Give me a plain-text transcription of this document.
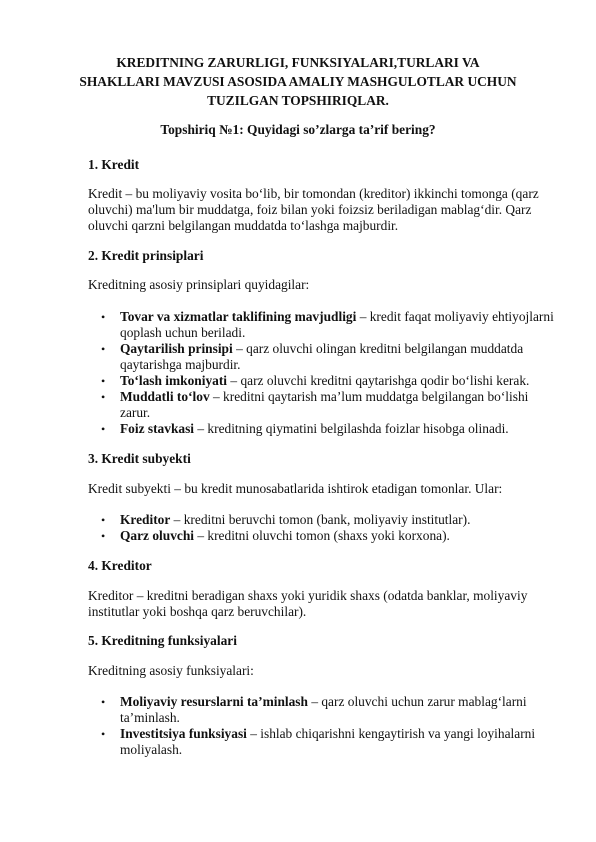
KREDITNING ZARURLIGI, FUNKSIYALARI,TURLARI VA
SHAKLLARI MAVZUSI ASOSIDA AMALIY MASHGULOTLAR UCHUN
TUZILGAN TOPSHIRIQLAR.

Topshiriq №1: Quyidagi so’zlarga ta’rif bering?

1. Kredit

Kredit – bu moliyaviy vosita bo‘lib, bir tomondan (kreditor) ikkinchi tomonga (qarz oluvchi) ma'lum bir muddatga, foiz bilan yoki foizsiz beriladigan mablag‘dir. Qarz oluvchi qarzni belgilangan muddatda to‘lashga majburdir.

2. Kredit prinsiplari

Kreditning asosiy prinsiplari quyidagilar:

• Tovar va xizmatlar taklifining mavjudligi – kredit faqat moliyaviy ehtiyojlarni qoplash uchun beriladi.
• Qaytarilish prinsipi – qarz oluvchi olingan kreditni belgilangan muddatda qaytarishga majburdir.
• To‘lash imkoniyati – qarz oluvchi kreditni qaytarishga qodir bo‘lishi kerak.
• Muddatli to‘lov – kreditni qaytarish ma’lum muddatga belgilangan bo‘lishi zarur.
• Foiz stavkasi – kreditning qiymatini belgilashda foizlar hisobga olinadi.

3. Kredit subyekti

Kredit subyekti – bu kredit munosabatlarida ishtirok etadigan tomonlar. Ular:

• Kreditor – kreditni beruvchi tomon (bank, moliyaviy institutlar).
• Qarz oluvchi – kreditni oluvchi tomon (shaxs yoki korxona).

4. Kreditor

Kreditor – kreditni beradigan shaxs yoki yuridik shaxs (odatda banklar, moliyaviy institutlar yoki boshqa qarz beruvchilar).

5. Kreditning funksiyalari

Kreditning asosiy funksiyalari:

• Moliyaviy resurslarni ta’minlash – qarz oluvchi uchun zarur mablag‘larni ta’minlash.
• Investitsiya funksiyasi – ishlab chiqarishni kengaytirish va yangi loyihalarni moliyalash.
